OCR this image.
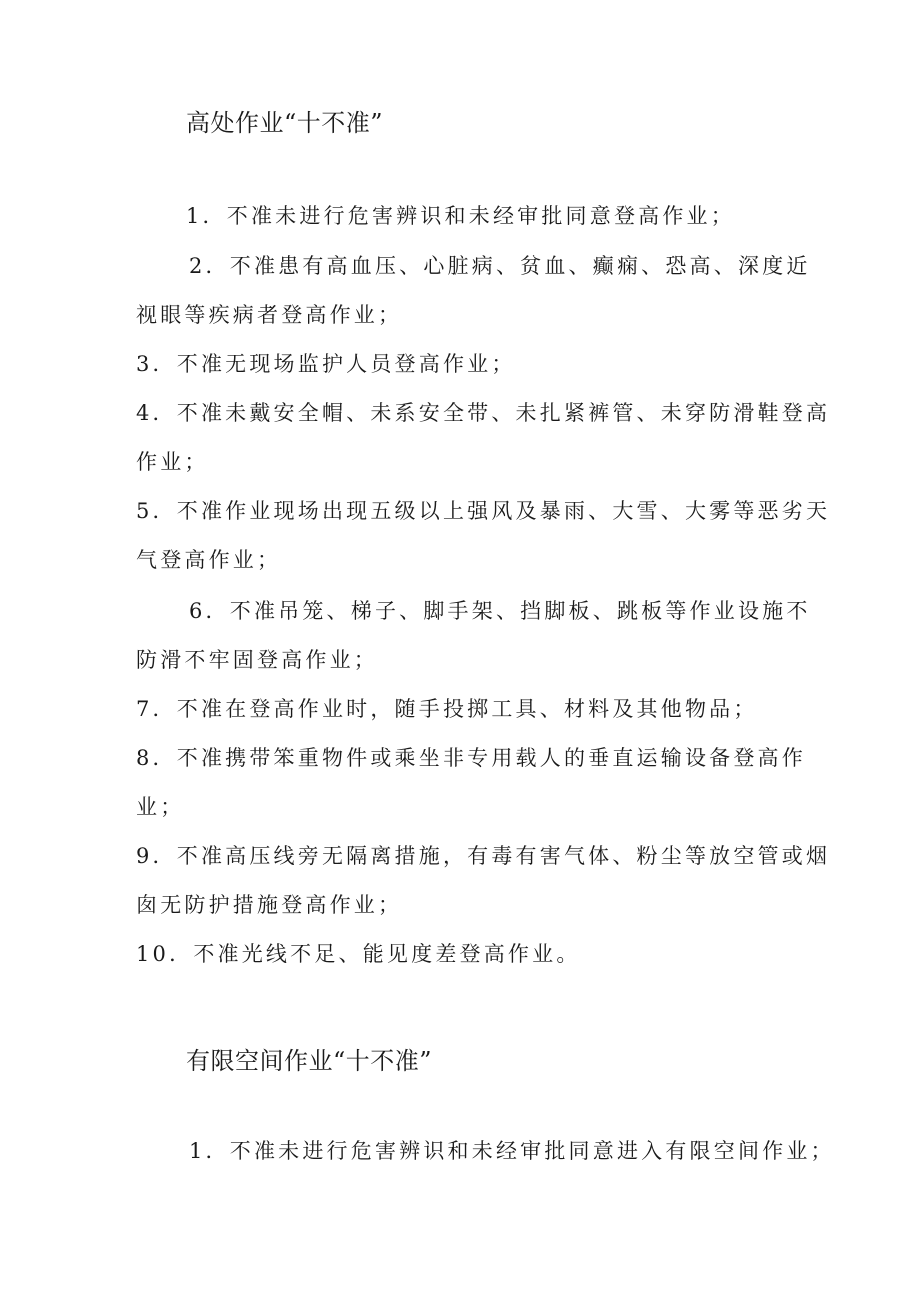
高处作业“十不准”
1．不准未进行危害辨识和未经审批同意登高作业；
2．不准患有高血压、心脏病、贫血、癫痫、恐高、深度近
视眼等疾病者登高作业；
3．不准无现场监护人员登高作业；
4．不准未戴安全帽、未系安全带、未扎紧裤管、未穿防滑鞋登高
作业；
5．不准作业现场出现五级以上强风及暴雨、大雪、大雾等恶劣天
气登高作业；
6．不准吊笼、梯子、脚手架、挡脚板、跳板等作业设施不
防滑不牢固登高作业；
7．不准在登高作业时，随手投掷工具、材料及其他物品；
8．不准携带笨重物件或乘坐非专用载人的垂直运输设备登高作
业；
9．不准高压线旁无隔离措施，有毒有害气体、粉尘等放空管或烟
囱无防护措施登高作业；
10．不准光线不足、能见度差登高作业。
有限空间作业“十不准”
1．不准未进行危害辨识和未经审批同意进入有限空间作业；
